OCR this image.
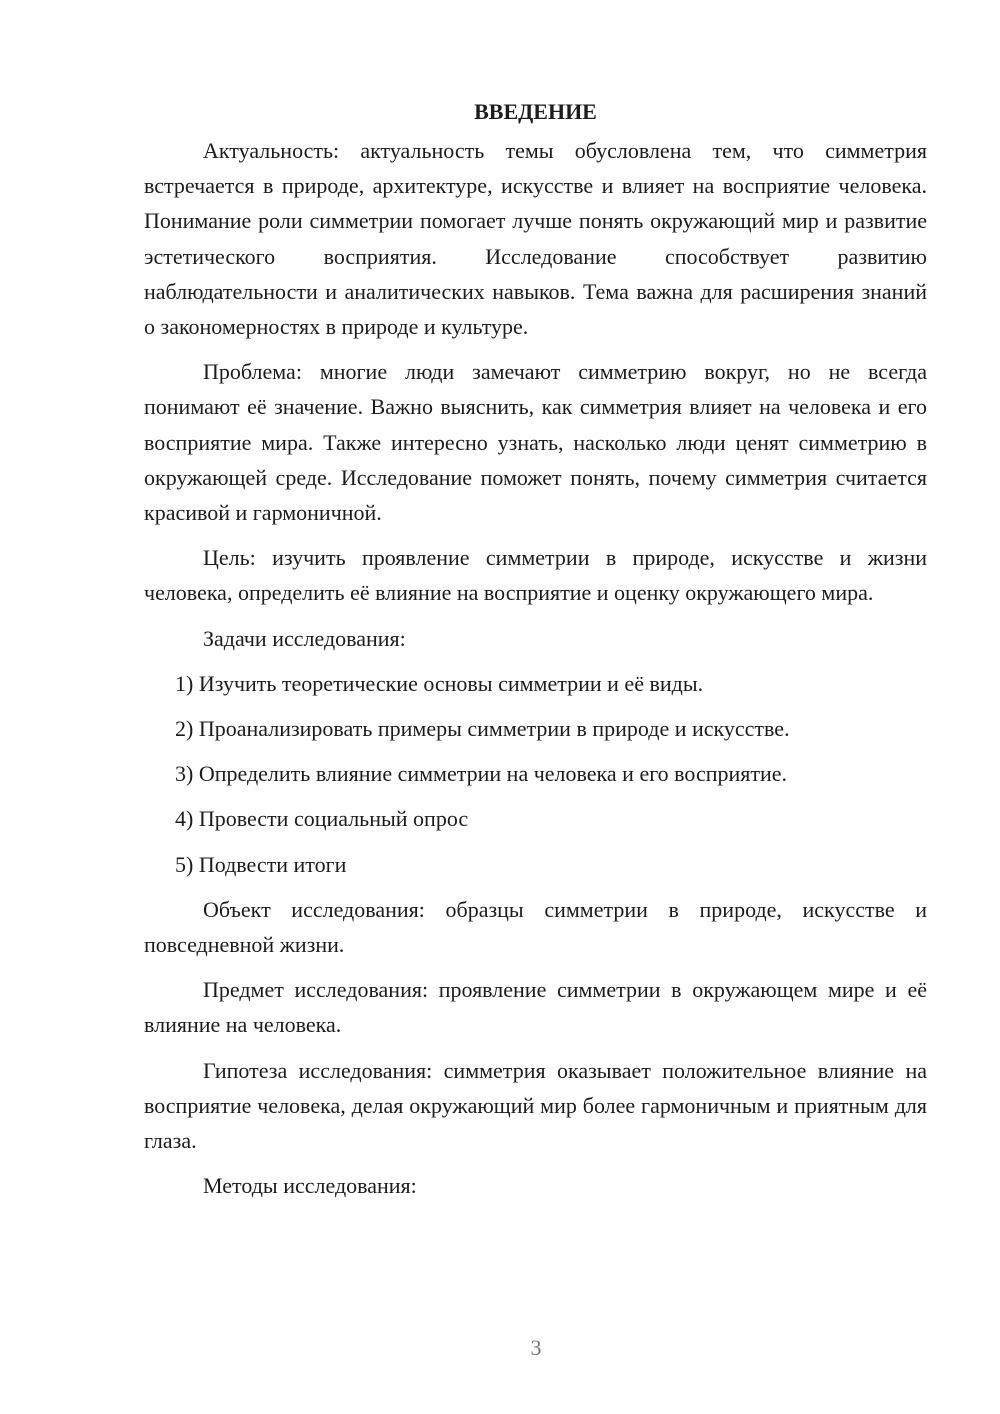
ВВЕДЕНИЕ

Актуальность: актуальность темы обусловлена тем, что симметрия встречается в природе, архитектуре, искусстве и влияет на восприятие человека. Понимание роли симметрии помогает лучше понять окружающий мир и развитие эстетического восприятия. Исследование способствует развитию наблюдательности и аналитических навыков. Тема важна для расширения знаний о закономерностях в природе и культуре.

Проблема: многие люди замечают симметрию вокруг, но не всегда понимают её значение. Важно выяснить, как симметрия влияет на человека и его восприятие мира. Также интересно узнать, насколько люди ценят симметрию в окружающей среде. Исследование поможет понять, почему симметрия считается красивой и гармоничной.

Цель: изучить проявление симметрии в природе, искусстве и жизни человека, определить её влияние на восприятие и оценку окружающего мира.

Задачи исследования:

1) Изучить теоретические основы симметрии и её виды.
2) Проанализировать примеры симметрии в природе и искусстве.
3) Определить влияние симметрии на человека и его восприятие.
4) Провести социальный опрос
5) Подвести итоги

Объект исследования: образцы симметрии в природе, искусстве и повседневной жизни.

Предмет исследования: проявление симметрии в окружающем мире и её влияние на человека.

Гипотеза исследования: симметрия оказывает положительное влияние на восприятие человека, делая окружающий мир более гармоничным и приятным для глаза.

Методы исследования:

3
